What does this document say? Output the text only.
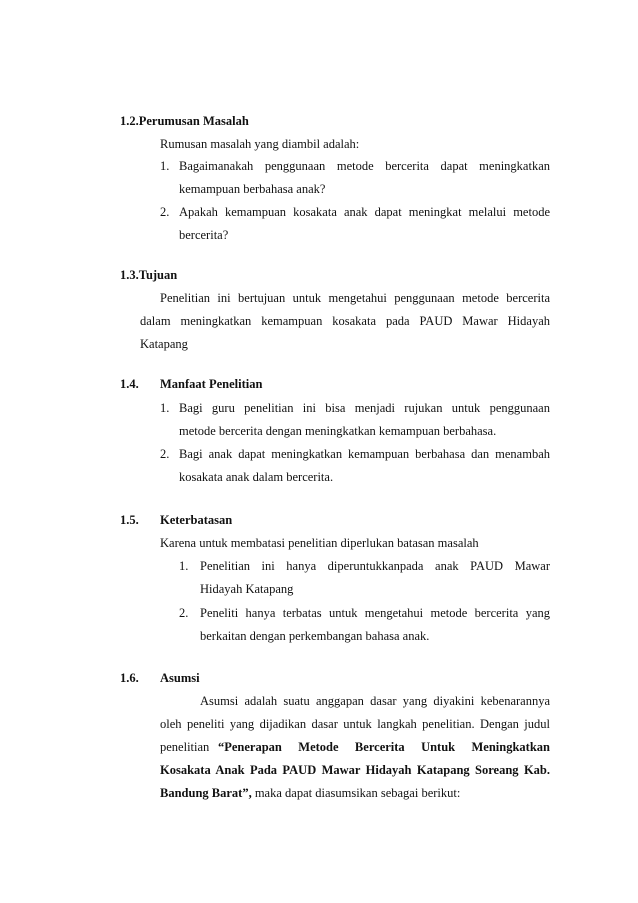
1.2.Perumusan Masalah
Rumusan masalah yang diambil adalah:
1. Bagaimanakah penggunaan metode bercerita dapat meningkatkan
kemampuan berbahasa anak?
2. Apakah kemampuan kosakata anak dapat meningkat melalui metode
bercerita?
1.3.Tujuan
Penelitian ini bertujuan untuk mengetahui penggunaan metode bercerita
dalam meningkatkan kemampuan kosakata pada PAUD Mawar Hidayah
Katapang
1.4. Manfaat Penelitian
1. Bagi guru penelitian ini bisa menjadi rujukan untuk penggunaan
metode bercerita dengan meningkatkan kemampuan berbahasa.
2. Bagi anak dapat meningkatkan kemampuan berbahasa dan menambah
kosakata anak dalam bercerita.
1.5. Keterbatasan
Karena untuk membatasi penelitian diperlukan batasan masalah
1. Penelitian ini hanya diperuntukkanpada anak PAUD Mawar
Hidayah Katapang
2. Peneliti hanya terbatas untuk mengetahui metode bercerita yang
berkaitan dengan perkembangan bahasa anak.
1.6. Asumsi
Asumsi adalah suatu anggapan dasar yang diyakini kebenarannya
oleh peneliti yang dijadikan dasar untuk langkah penelitian. Dengan judul
penelitian “Penerapan Metode Bercerita Untuk Meningkatkan
Kosakata Anak Pada PAUD Mawar Hidayah Katapang Soreang Kab.
Bandung Barat”, maka dapat diasumsikan sebagai berikut:
